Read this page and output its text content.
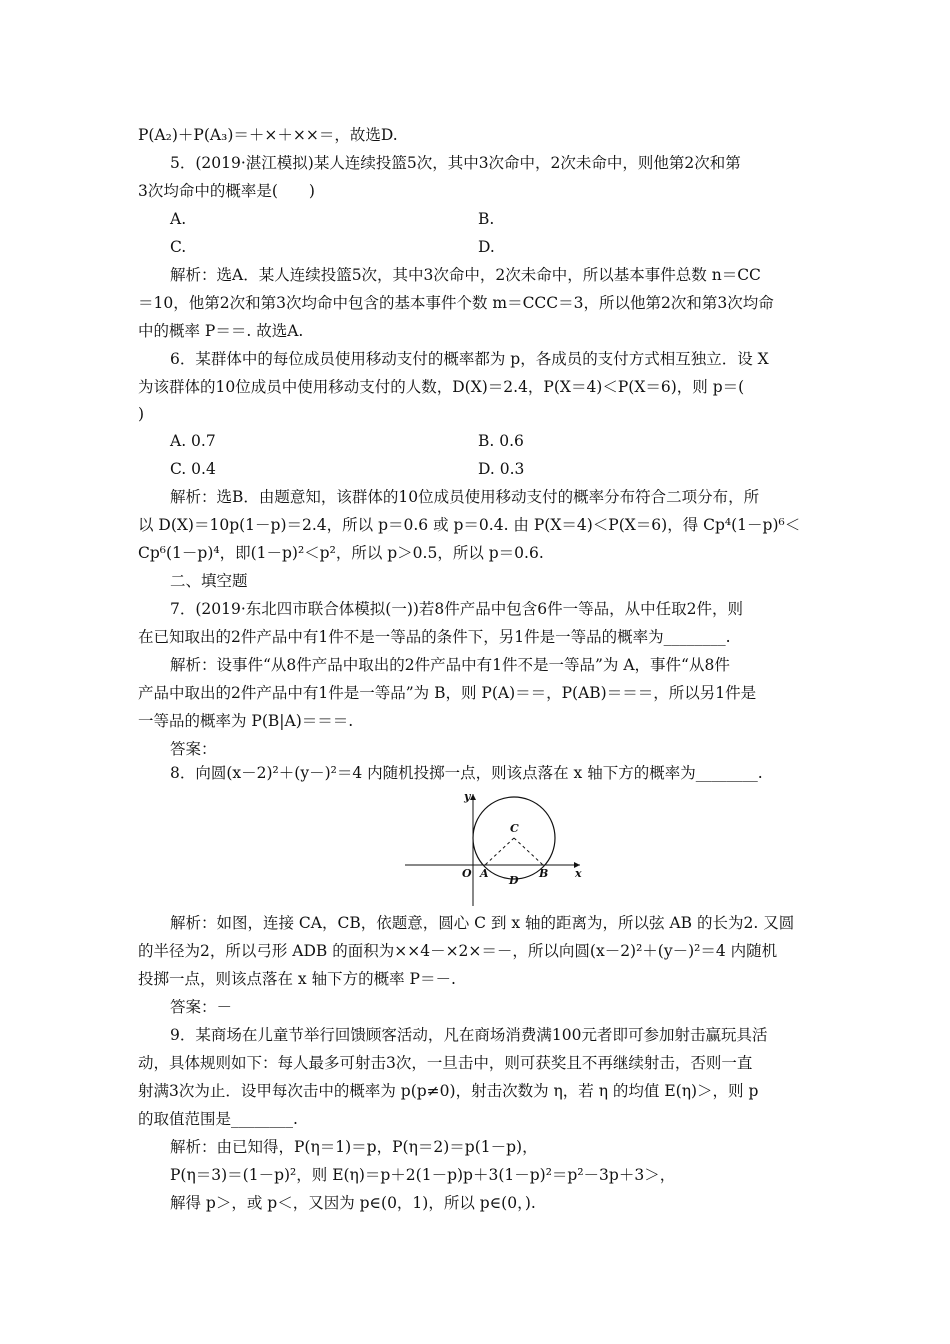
P(A₂)＋P(A₃)＝＋×＋××＝，故选D.
5．(2019·湛江模拟)某人连续投篮5次，其中3次命中，2次未命中，则他第2次和第
3次均命中的概率是(　　)
A.	B.
C.	D.
解析：选A．某人连续投篮5次，其中3次命中，2次未命中，所以基本事件总数 n＝CC
＝10，他第2次和第3次均命中包含的基本事件个数 m＝CCC＝3，所以他第2次和第3次均命
中的概率 P＝＝. 故选A.
6．某群体中的每位成员使用移动支付的概率都为 p，各成员的支付方式相互独立．设 X
为该群体的10位成员中使用移动支付的人数，D(X)＝2.4，P(X＝4)＜P(X＝6)，则 p＝(
)
A. 0.7	B. 0.6
C. 0.4	D. 0.3
解析：选B．由题意知，该群体的10位成员使用移动支付的概率分布符合二项分布，所
以 D(X)＝10p(1－p)＝2.4，所以 p＝0.6 或 p＝0.4. 由 P(X＝4)＜P(X＝6)，得 Cp⁴(1－p)⁶＜
Cp⁶(1－p)⁴，即(1－p)²＜p²，所以 p＞0.5，所以 p＝0.6.
二、填空题
7．(2019·东北四市联合体模拟(一))若8件产品中包含6件一等品，从中任取2件，则
在已知取出的2件产品中有1件不是一等品的条件下，另1件是一等品的概率为________.
解析：设事件“从8件产品中取出的2件产品中有1件不是一等品”为 A，事件“从8件
产品中取出的2件产品中有1件是一等品”为 B，则 P(A)＝＝，P(AB)＝＝＝，所以另1件是
一等品的概率为 P(B|A)＝＝＝.
答案：
8．向圆(x－2)²＋(y－)²＝4 内随机投掷一点，则该点落在 x 轴下方的概率为________.
y
x
O A	B
C
D
解析：如图，连接 CA，CB，依题意，圆心 C 到 x 轴的距离为，所以弦 AB 的长为2. 又圆
的半径为2，所以弓形 ADB 的面积为××4－×2×＝－，所以向圆(x－2)²＋(y－)²＝4 内随机
投掷一点，则该点落在 x 轴下方的概率 P＝－.
答案：－
9．某商场在儿童节举行回馈顾客活动，凡在商场消费满100元者即可参加射击赢玩具活
动，具体规则如下：每人最多可射击3次，一旦击中，则可获奖且不再继续射击，否则一直
射满3次为止．设甲每次击中的概率为 p(p≠0)，射击次数为 η，若 η 的均值 E(η)＞，则 p
的取值范围是________.
解析：由已知得，P(η＝1)＝p，P(η＝2)＝p(1－p)，
P(η＝3)＝(1－p)²，则 E(η)＝p＋2(1－p)p＋3(1－p)²＝p²－3p＋3＞，
解得 p＞，或 p＜，又因为 p∈(0，1)，所以 p∈(0，).
